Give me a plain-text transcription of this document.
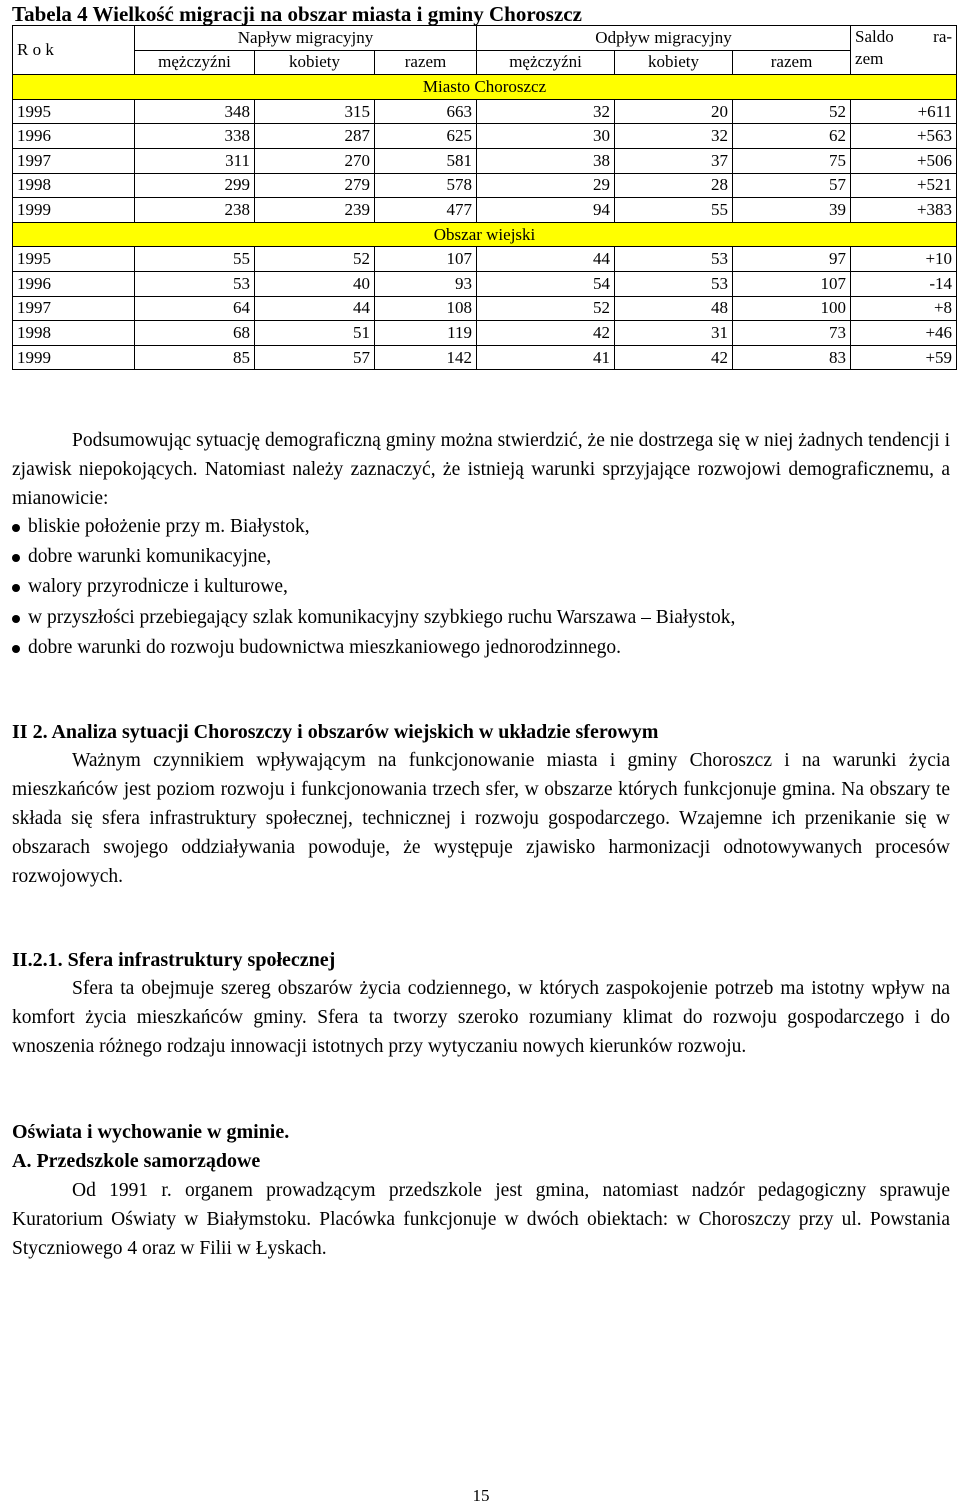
Tabela 4 Wielkość migracji na obszar miasta i gminy Choroszcz
R o k	Napływ migracyjny			Odpływ migracyjny			Saldo ra-
zem

	mężczyźni	kobiety	razem	mężczyźni	kobiety	razem	
Miasto Choroszcz							
1995	348	315	663	32	20	52	+611
1996	338	287	625	30	32	62	+563
1997	311	270	581	38	37	75	+506
1998	299	279	578	29	28	57	+521
1999	238	239	477	94	55	39	+383
Obszar wiejski							
1995	55	52	107	44	53	97	+10
1996	53	40	93	54	53	107	-14
1997	64	44	108	52	48	100	+8
1998	68	51	119	42	31	73	+46
1999	85	57	142	41	42	83	+59
Podsumowując sytuację demograficzną gminy można stwierdzić, że nie dostrzega się w niej żadnych tendencji i zjawisk niepokojących. Natomiast należy zaznaczyć, że istnieją warunki sprzyjające rozwojowi demograficznemu, a mianowicie:
bliskie położenie przy m. Białystok,
dobre warunki komunikacyjne,
walory przyrodnicze i kulturowe,
w przyszłości przebiegający szlak komunikacyjny szybkiego ruchu Warszawa – Białystok,
dobre warunki do rozwoju budownictwa mieszkaniowego jednorodzinnego.
II 2. Analiza sytuacji Choroszczy i obszarów wiejskich w układzie sferowym
Ważnym czynnikiem wpływającym na funkcjonowanie miasta i gminy Choroszcz i na warunki życia mieszkańców jest poziom rozwoju i funkcjonowania trzech sfer, w obszarze których funkcjonuje gmina. Na obszary te składa się sfera infrastruktury społecznej, technicznej i rozwoju gospodarczego. Wzajemne ich przenikanie się w obszarach swojego oddziaływania powoduje, że występuje zjawisko harmonizacji odnotowywanych procesów rozwojowych.
II.2.1. Sfera infrastruktury społecznej
Sfera ta obejmuje szereg obszarów życia codziennego, w których zaspokojenie potrzeb ma istotny wpływ na komfort życia mieszkańców gminy. Sfera ta tworzy szeroko rozumiany klimat do rozwoju gospodarczego i do wnoszenia różnego rodzaju innowacji istotnych przy wytyczaniu nowych kierunków rozwoju.
Oświata i wychowanie w gminie.
A. Przedszkole samorządowe
Od 1991 r. organem prowadzącym przedszkole jest gmina, natomiast nadzór pedagogiczny sprawuje Kuratorium Oświaty w Białymstoku. Placówka funkcjonuje w dwóch obiektach: w Choroszczy przy ul. Powstania Styczniowego 4 oraz w Filii w Łyskach.
15
